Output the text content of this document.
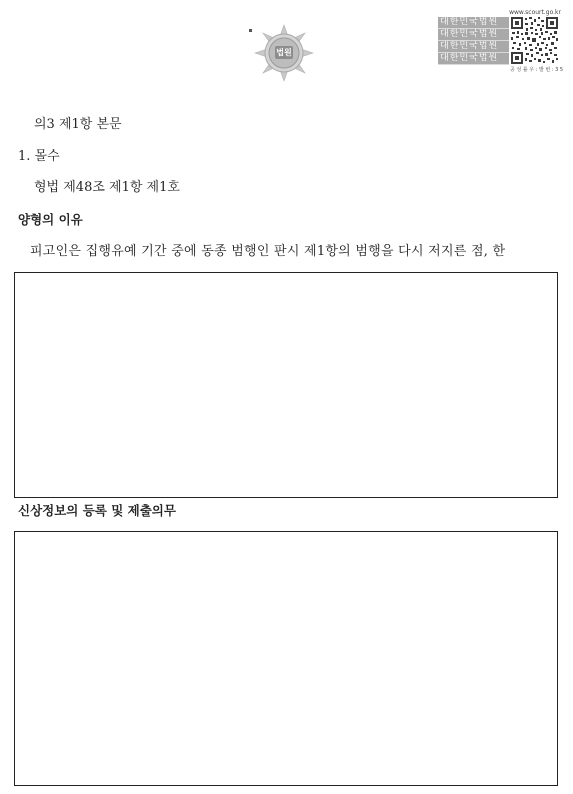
법원
www.scourt.go.kr
대한민국법원
대한민국법원
대한민국법원
대한민국법원
공 성 률 우 : 발 번 : 3 5
의3 제1항 본문
1. 몰수
형법 제48조 제1항 제1호
양형의 이유
피고인은 집행유예 기간 중에 동종 범행인 판시 제1항의 범행을 다시 저지른 점, 한
신상정보의 등록 및 제출의무
